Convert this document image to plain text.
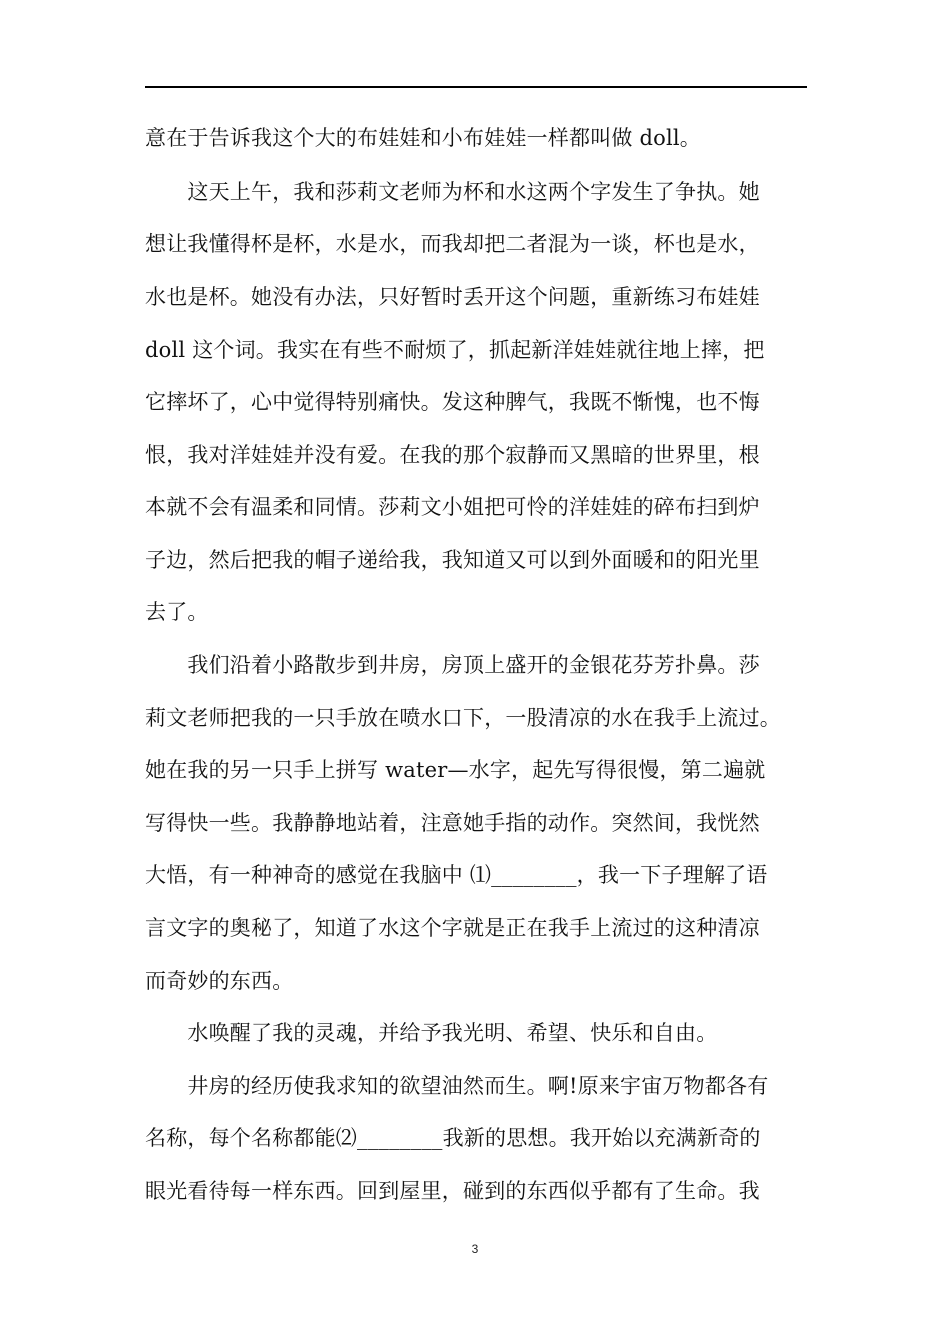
意在于告诉我这个大的布娃娃和小布娃娃一样都叫做 doll。
　　这天上午，我和莎莉文老师为杯和水这两个字发生了争执。她
想让我懂得杯是杯，水是水，而我却把二者混为一谈，杯也是水，
水也是杯。她没有办法，只好暂时丢开这个问题，重新练习布娃娃
doll 这个词。我实在有些不耐烦了，抓起新洋娃娃就往地上摔，把
它摔坏了，心中觉得特别痛快。发这种脾气，我既不惭愧，也不悔
恨，我对洋娃娃并没有爱。在我的那个寂静而又黑暗的世界里，根
本就不会有温柔和同情。莎莉文小姐把可怜的洋娃娃的碎布扫到炉
子边，然后把我的帽子递给我，我知道又可以到外面暖和的阳光里
去了。
　　我们沿着小路散步到井房，房顶上盛开的金银花芬芳扑鼻。莎
莉文老师把我的一只手放在喷水口下，一股清凉的水在我手上流过。
她在我的另一只手上拼写 water—水字，起先写得很慢，第二遍就
写得快一些。我静静地站着，注意她手指的动作。突然间，我恍然
大悟，有一种神奇的感觉在我脑中 ⑴________，我一下子理解了语
言文字的奥秘了，知道了水这个字就是正在我手上流过的这种清凉
而奇妙的东西。
　　水唤醒了我的灵魂，并给予我光明、希望、快乐和自由。
　　井房的经历使我求知的欲望油然而生。啊!原来宇宙万物都各有
名称，每个名称都能⑵________我新的思想。我开始以充满新奇的
眼光看待每一样东西。回到屋里，碰到的东西似乎都有了生命。我
3
